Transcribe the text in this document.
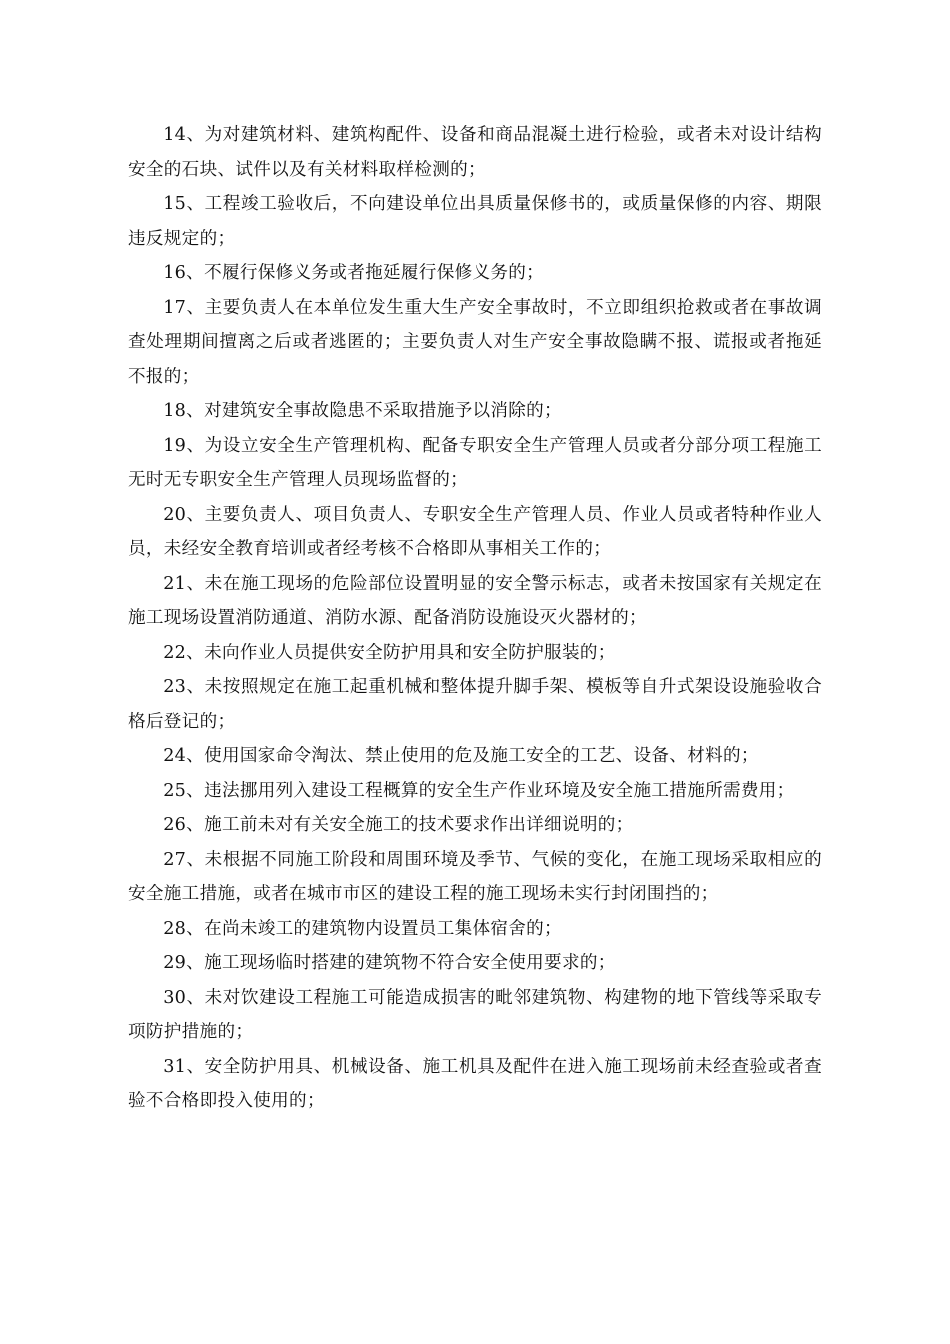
14、为对建筑材料、建筑构配件、设备和商品混凝土进行检验，或者未对设计结构安全的石块、试件以及有关材料取样检测的；

15、工程竣工验收后，不向建设单位出具质量保修书的，或质量保修的内容、期限违反规定的；

16、不履行保修义务或者拖延履行保修义务的；

17、主要负责人在本单位发生重大生产安全事故时，不立即组织抢救或者在事故调查处理期间擅离之后或者逃匿的；主要负责人对生产安全事故隐瞒不报、谎报或者拖延不报的；

18、对建筑安全事故隐患不采取措施予以消除的；

19、为设立安全生产管理机构、配备专职安全生产管理人员或者分部分项工程施工无时无专职安全生产管理人员现场监督的；

20、主要负责人、项目负责人、专职安全生产管理人员、作业人员或者特种作业人员，未经安全教育培训或者经考核不合格即从事相关工作的；

21、未在施工现场的危险部位设置明显的安全警示标志，或者未按国家有关规定在施工现场设置消防通道、消防水源、配备消防设施设灭火器材的；

22、未向作业人员提供安全防护用具和安全防护服装的；

23、未按照规定在施工起重机械和整体提升脚手架、模板等自升式架设设施验收合格后登记的；

24、使用国家命令淘汰、禁止使用的危及施工安全的工艺、设备、材料的；

25、违法挪用列入建设工程概算的安全生产作业环境及安全施工措施所需费用；

26、施工前未对有关安全施工的技术要求作出详细说明的；

27、未根据不同施工阶段和周围环境及季节、气候的变化，在施工现场采取相应的安全施工措施，或者在城市市区的建设工程的施工现场未实行封闭围挡的；

28、在尚未竣工的建筑物内设置员工集体宿舍的；

29、施工现场临时搭建的建筑物不符合安全使用要求的；

30、未对饮建设工程施工可能造成损害的毗邻建筑物、构建物的地下管线等采取专项防护措施的；

31、安全防护用具、机械设备、施工机具及配件在进入施工现场前未经查验或者查验不合格即投入使用的；
